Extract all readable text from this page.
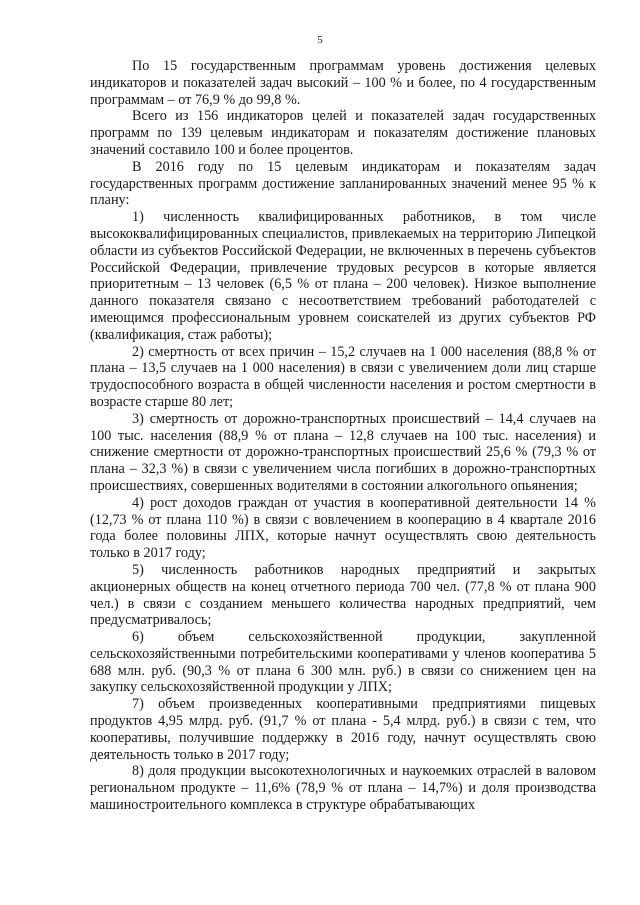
5

По 15 государственным программам уровень достижения целевых индикаторов и показателей задач высокий – 100 % и более, по 4 государственным программам – от 76,9 % до 99,8 %.

Всего из 156 индикаторов целей и показателей задач государственных программ по 139 целевым индикаторам и показателям достижение плановых значений составило 100 и более процентов.

В 2016 году по 15 целевым индикаторам и показателям задач государственных программ достижение запланированных значений менее 95 % к плану:

1) численность квалифицированных работников, в том числе высококвалифицированных специалистов, привлекаемых на территорию Липецкой области из субъектов Российской Федерации, не включенных в перечень субъектов Российской Федерации, привлечение трудовых ресурсов в которые является приоритетным – 13 человек (6,5 % от плана – 200 человек). Низкое выполнение данного показателя связано с несоответствием требований работодателей с имеющимся профессиональным уровнем соискателей из других субъектов РФ (квалификация, стаж работы);

2) смертность от всех причин – 15,2 случаев на 1 000 населения (88,8 % от плана – 13,5 случаев на 1 000 населения) в связи с увеличением доли лиц старше трудоспособного возраста в общей численности населения и ростом смертности в возрасте старше 80 лет;

3) смертность от дорожно-транспортных происшествий – 14,4 случаев на 100 тыс. населения (88,9 % от плана – 12,8 случаев на 100 тыс. населения) и снижение смертности от дорожно-транспортных происшествий 25,6 % (79,3 % от плана – 32,3 %) в связи с увеличением числа погибших в дорожно-транспортных происшествиях, совершенных водителями в состоянии алкогольного опьянения;

4) рост доходов граждан от участия в кооперативной деятельности 14 % (12,73 % от плана 110 %) в связи с вовлечением в кооперацию в 4 квартале 2016 года более половины ЛПХ, которые начнут осуществлять свою деятельность только в 2017 году;

5) численность работников народных предприятий и закрытых акционерных обществ на конец отчетного периода 700 чел. (77,8 % от плана 900 чел.) в связи с созданием меньшего количества народных предприятий, чем предусматривалось;

6) объем сельскохозяйственной продукции, закупленной сельскохозяйственными потребительскими кооперативами у членов кооператива 5 688 млн. руб. (90,3 % от плана 6 300 млн. руб.) в связи со снижением цен на закупку сельскохозяйственной продукции у ЛПХ;

7) объем произведенных кооперативными предприятиями пищевых продуктов 4,95 млрд. руб. (91,7 % от плана - 5,4 млрд. руб.) в связи с тем, что кооперативы, получившие поддержку в 2016 году, начнут осуществлять свою деятельность только в 2017 году;

8) доля продукции высокотехнологичных и наукоемких отраслей в валовом региональном продукте – 11,6% (78,9 % от плана – 14,7%) и доля производства машиностроительного комплекса в структуре обрабатывающих
